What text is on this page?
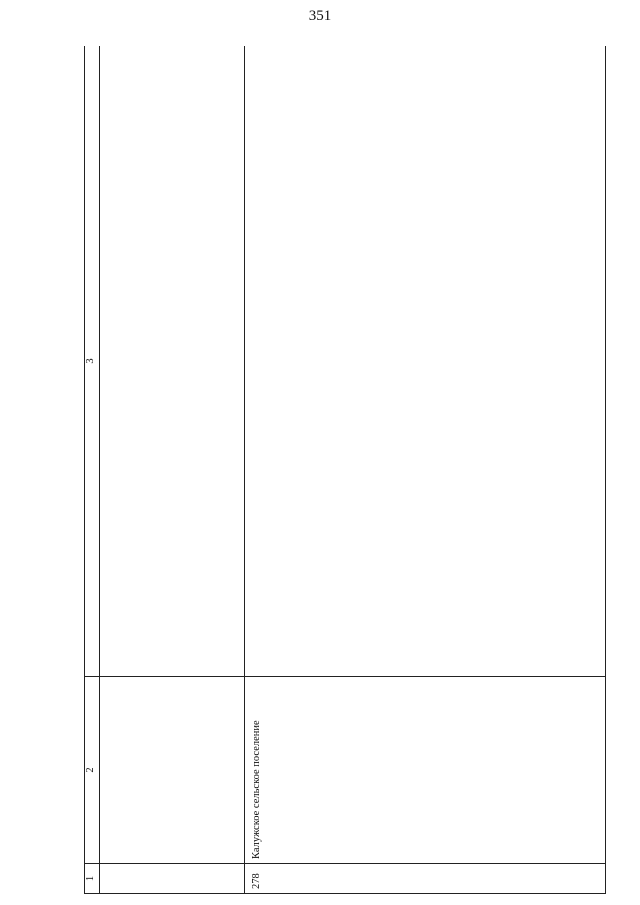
351
1	2	3

278	Калужское сельское поселение	
